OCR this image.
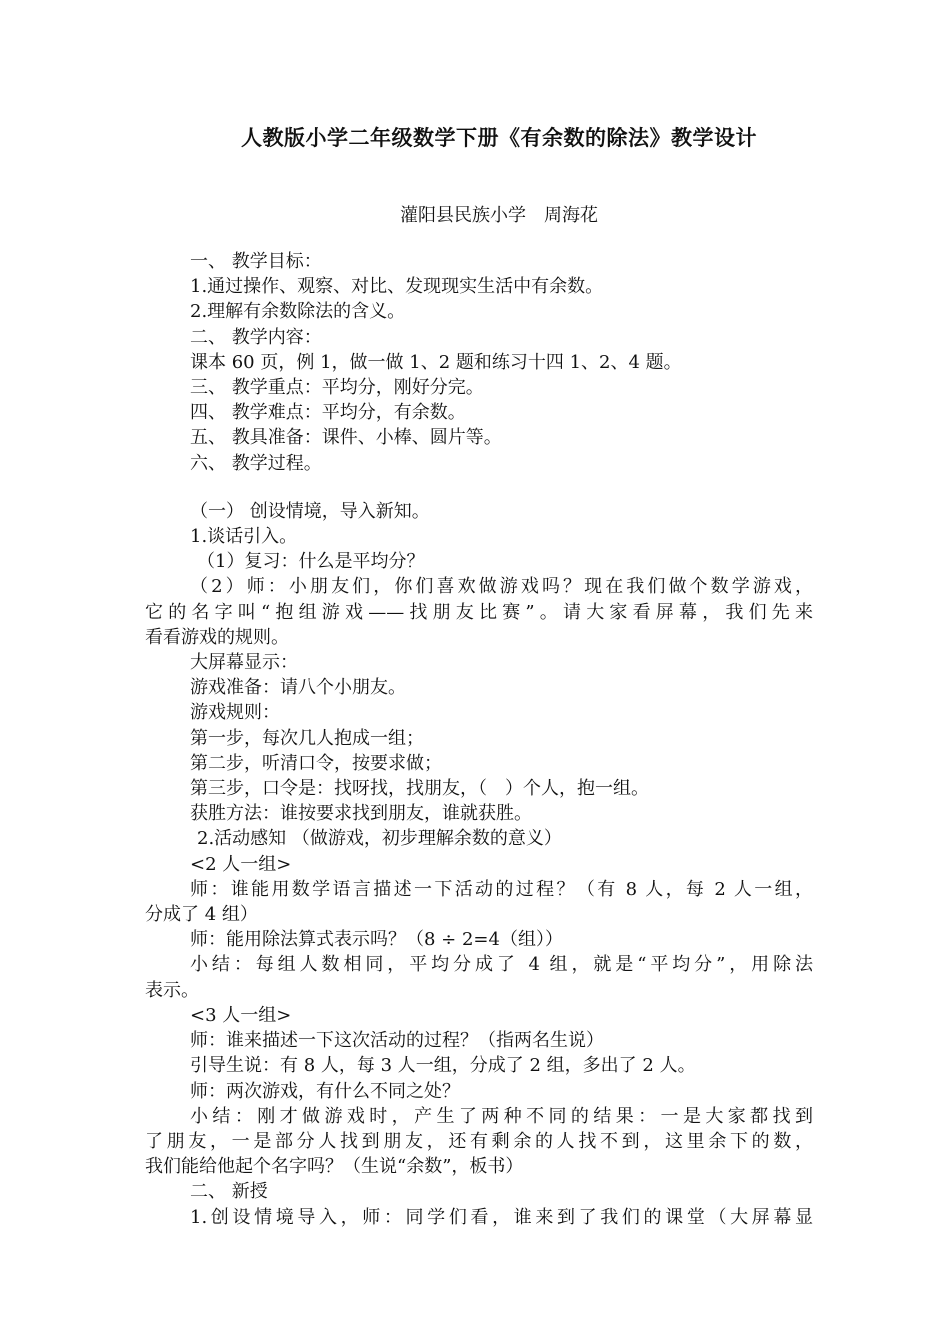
人教版小学二年级数学下册《有余数的除法》教学设计
灌阳县民族小学　周海花
一、 教学目标：
1.通过操作、观察、对比、发现现实生活中有余数。
2.理解有余数除法的含义。
二、 教学内容：
课本 60 页，例 1，做一做 1、2 题和练习十四 1、2、4 题。
三、 教学重点：平均分，刚好分完。
四、 教学难点：平均分，有余数。
五、 教具准备：课件、小棒、圆片等。
六、 教学过程。
（一） 创设情境，导入新知。
1.谈话引入。
（1）复习：什么是平均分？
（2）师：小朋友们，你们喜欢做游戏吗？现在我们做个数学游戏，
它的名字叫“抱组游戏——找朋友比赛”。请大家看屏幕，我们先来
看看游戏的规则。
大屏幕显示：
游戏准备：请八个小朋友。
游戏规则：
第一步，每次几人抱成一组；
第二步，听清口令，按要求做；
第三步，口令是：找呀找，找朋友，（　）个人，抱一组。
获胜方法：谁按要求找到朋友，谁就获胜。
2.活动感知 （做游戏，初步理解余数的意义）
<2 人一组>
师：谁能用数学语言描述一下活动的过程？（有 8 人，每 2 人一组，
分成了 4 组）
师：能用除法算式表示吗？（8 ÷ 2=4（组））
小结：每组人数相同，平均分成了 4 组，就是“平均分”，用除法
表示。
<3 人一组>
师：谁来描述一下这次活动的过程？（指两名生说）
引导生说：有 8 人，每 3 人一组，分成了 2 组，多出了 2 人。
师：两次游戏，有什么不同之处？
小结：刚才做游戏时，产生了两种不同的结果：一是大家都找到
了朋友，一是部分人找到朋友，还有剩余的人找不到，这里余下的数，
我们能给他起个名字吗？（生说“余数”，板书）
二、 新授
1.创设情境导入，师：同学们看，谁来到了我们的课堂（大屏幕显
